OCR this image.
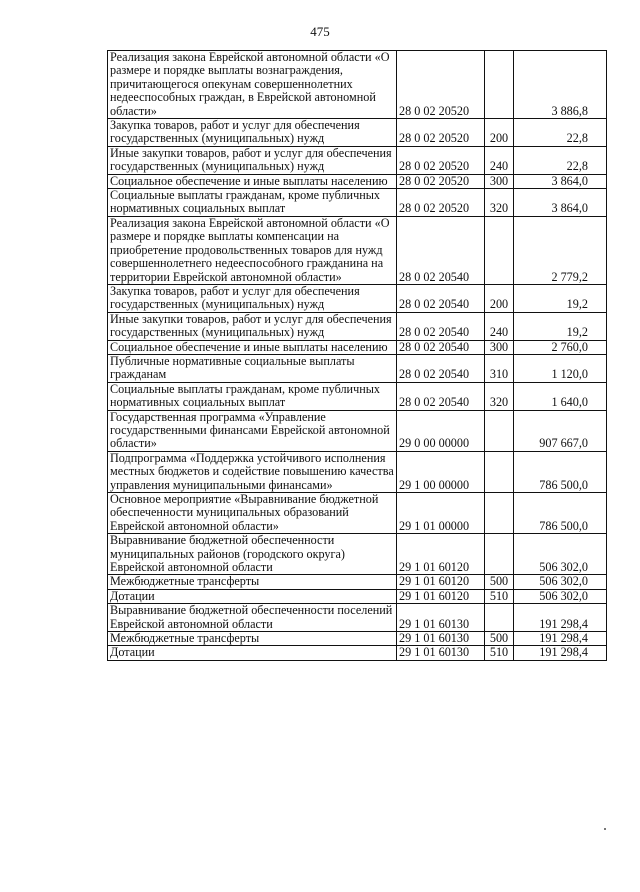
475
Реализация закона Еврейской автономной области «О размере и порядке выплаты вознаграждения, причитающегося опекунам совершеннолетних недееспособных граждан, в Еврейской автономной области»	28 0 02 20520		3 886,8
Закупка товаров, работ и услуг для обеспечения государственных (муниципальных) нужд	28 0 02 20520	200	22,8
Иные закупки товаров, работ и услуг для обеспечения государственных (муниципальных) нужд	28 0 02 20520	240	22,8
Социальное обеспечение и иные выплаты населению	28 0 02 20520	300	3 864,0
Социальные выплаты гражданам, кроме публичных нормативных социальных выплат	28 0 02 20520	320	3 864,0
Реализация закона Еврейской автономной области «О размере и порядке выплаты компенсации на приобретение продовольственных товаров для нужд совершеннолетнего недееспособного гражданина на территории Еврейской автономной области»	28 0 02 20540		2 779,2
Закупка товаров, работ и услуг для обеспечения государственных (муниципальных) нужд	28 0 02 20540	200	19,2
Иные закупки товаров, работ и услуг для обеспечения государственных (муниципальных) нужд	28 0 02 20540	240	19,2
Социальное обеспечение и иные выплаты населению	28 0 02 20540	300	2 760,0
Публичные нормативные социальные выплаты гражданам	28 0 02 20540	310	1 120,0
Социальные выплаты гражданам, кроме публичных нормативных социальных выплат	28 0 02 20540	320	1 640,0
Государственная программа «Управление государственными финансами Еврейской автономной области»	29 0 00 00000		907 667,0
Подпрограмма «Поддержка устойчивого исполнения местных бюджетов и содействие повышению качества управления муниципальными финансами»	29 1 00 00000		786 500,0
Основное мероприятие «Выравнивание бюджетной обеспеченности муниципальных образований Еврейской автономной области»	29 1 01 00000		786 500,0
Выравнивание бюджетной обеспеченности муниципальных районов (городского округа) Еврейской автономной области	29 1 01 60120		506 302,0
Межбюджетные трансферты	29 1 01 60120	500	506 302,0
Дотации	29 1 01 60120	510	506 302,0
Выравнивание бюджетной обеспеченности поселений Еврейской автономной области	29 1 01 60130		191 298,4
Межбюджетные трансферты	29 1 01 60130	500	191 298,4
Дотации	29 1 01 60130	510	191 298,4
